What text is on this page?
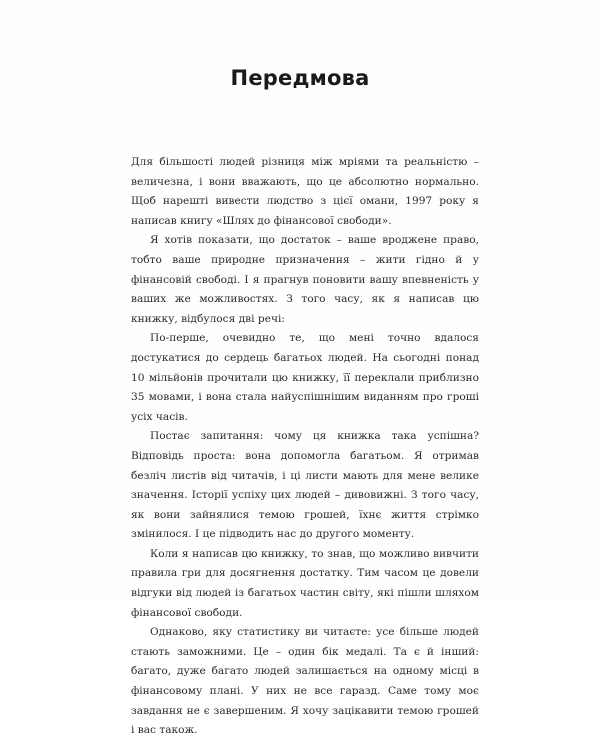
Передмова

Для більшості людей різниця між мріями та реальністю – величезна, і вони вважають, що це абсолютно нормально. Щоб нарешті вивести людство з цієї омани, 1997 року я написав книгу «Шлях до фінансової свободи».

Я хотів показати, що достаток – ваше вроджене право, тобто ваше природне призначення – жити гідно й у фінансовій свободі. І я прагнув поновити вашу впевненість у ваших же можливостях. З того часу, як я написав цю книжку, відбулося дві речі:

По-перше, очевидно те, що мені точно вдалося достукатися до сердець багатьох людей. На сьогодні понад 10 мільйонів прочитали цю книжку, її переклали приблизно 35 мовами, і вона стала найуспішнішим виданням про гроші усіх часів.

Постає запитання: чому ця книжка така успішна? Відповідь проста: вона допомогла багатьом. Я отримав безліч листів від читачів, і ці листи мають для мене велике значення. Історії успіху цих людей – дивовижні. З того часу, як вони зайнялися темою грошей, їхнє життя стрімко змінилося. І це підводить нас до другого моменту.

Коли я написав цю книжку, то знав, що можливо вивчити правила гри для досягнення достатку. Тим часом це довели відгуки від людей із багатьох частин світу, які пішли шляхом фінансової свободи.

Однаково, яку статистику ви читаєте: усе більше людей стають заможними. Це – один бік медалі. Та є й інший: багато, дуже багато людей залишається на одному місці в фінансовому плані. У них не все гаразд. Саме тому моє завдання не є завершеним. Я хочу зацікавити темою грошей і вас також.
